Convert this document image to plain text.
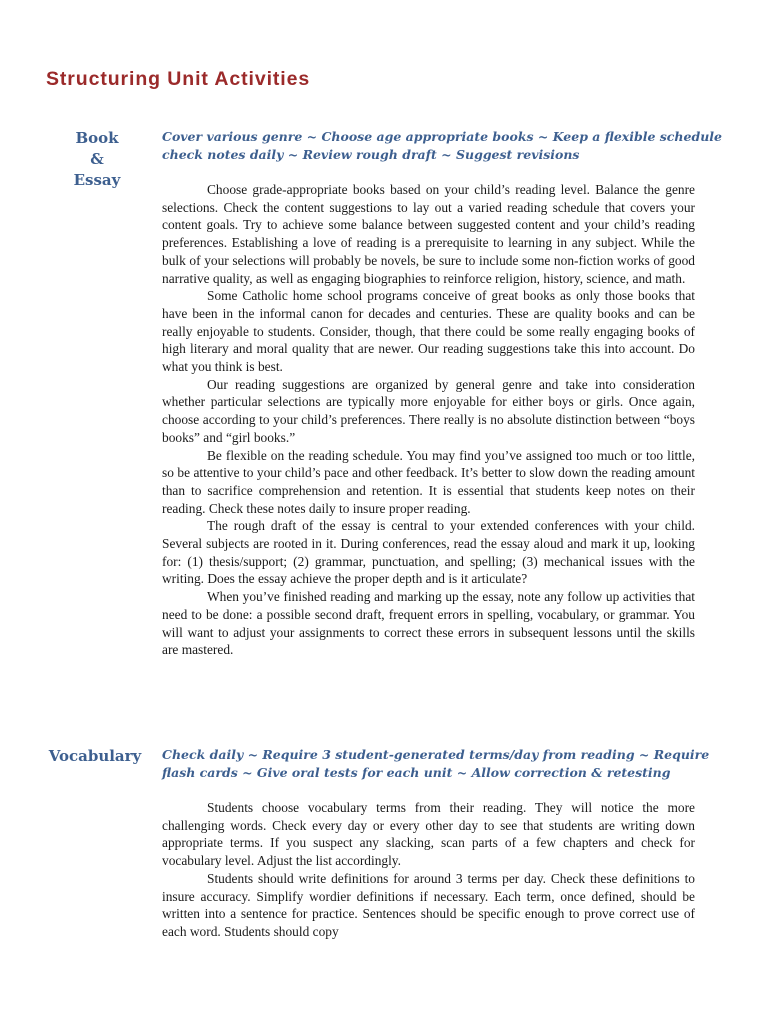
Structuring Unit Activities
Book
&
Essay
Cover various genre ~ Choose age appropriate books ~ Keep a flexible schedule
check notes daily ~ Review rough draft ~ Suggest revisions

Choose grade-appropriate books based on your child’s reading level. Balance the genre selections. Check the content suggestions to lay out a varied reading schedule that covers your content goals. Try to achieve some balance between suggested content and your child’s reading preferences. Establishing a love of reading is a prerequisite to learning in any subject. While the bulk of your selections will probably be novels, be sure to include some non-fiction works of good narrative quality, as well as engaging biographies to reinforce religion, history, science, and math.

Some Catholic home school programs conceive of great books as only those books that have been in the informal canon for decades and centuries. These are quality books and can be really enjoyable to students. Consider, though, that there could be some really engaging books of high literary and moral quality that are newer. Our reading suggestions take this into account. Do what you think is best.

Our reading suggestions are organized by general genre and take into consideration whether particular selections are typically more enjoyable for either boys or girls. Once again, choose according to your child’s preferences. There really is no absolute distinction between “boys books” and “girl books.”

Be flexible on the reading schedule. You may find you’ve assigned too much or too little, so be attentive to your child’s pace and other feedback. It’s better to slow down the reading amount than to sacrifice comprehension and retention. It is essential that students keep notes on their reading. Check these notes daily to insure proper reading.

The rough draft of the essay is central to your extended conferences with your child. Several subjects are rooted in it. During conferences, read the essay aloud and mark it up, looking for: (1) thesis/support; (2) grammar, punctuation, and spelling; (3) mechanical issues with the writing. Does the essay achieve the proper depth and is it articulate?

When you’ve finished reading and marking up the essay, note any follow up activities that need to be done: a possible second draft, frequent errors in spelling, vocabulary, or grammar. You will want to adjust your assignments to correct these errors in subsequent lessons until the skills are mastered.

Vocabulary	Check daily ~ Require 3 student-generated terms/day from reading ~ Require
flash cards ~ Give oral tests for each unit ~ Allow correction & retesting

Students choose vocabulary terms from their reading. They will notice the more challenging words. Check every day or every other day to see that students are writing down appropriate terms. If you suspect any slacking, scan parts of a few chapters and check for vocabulary level. Adjust the list accordingly.

Students should write definitions for around 3 terms per day. Check these definitions to insure accuracy. Simplify wordier definitions if necessary. Each term, once defined, should be written into a sentence for practice. Sentences should be specific enough to prove correct use of each word. Students should copy
